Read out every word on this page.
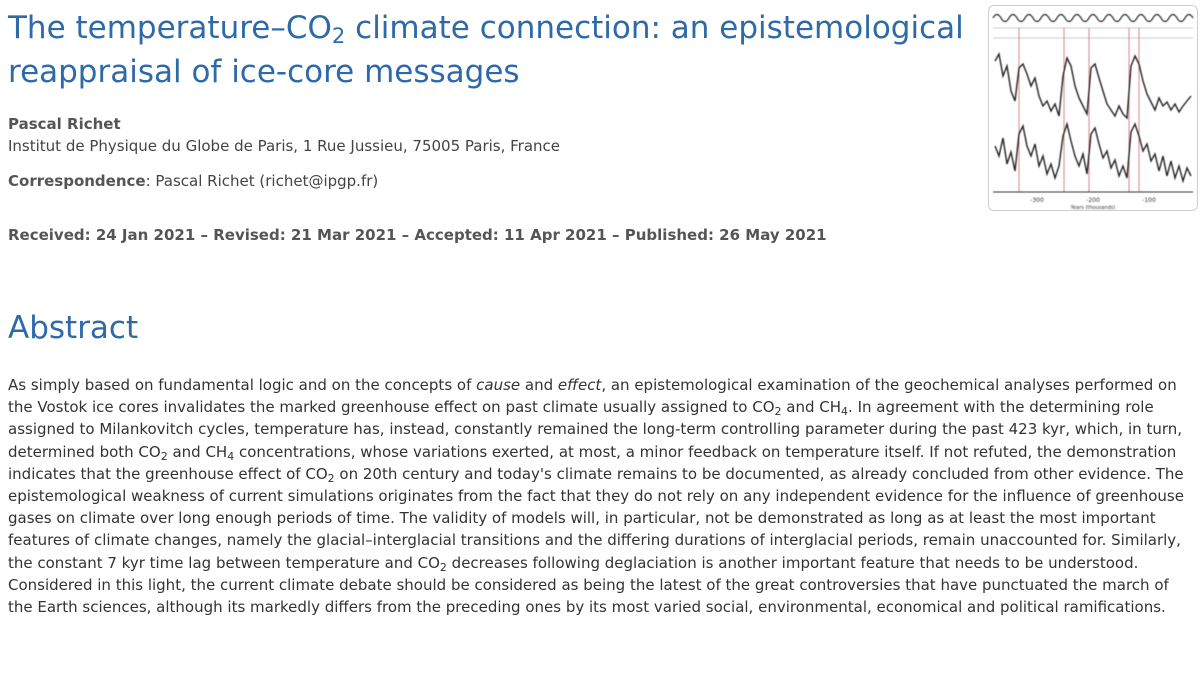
The temperature–$CO_2$ climate connection: an epistemological reappraisal of ice-core messages
Pascal Richet
Institut de Physique du Globe de Paris, 1 Rue Jussieu, 75005 Paris, France
Correspondence: Pascal Richet (richet@ipgp.fr)
Received: 24 Jan 2021 – Revised: 21 Mar 2021 – Accepted: 11 Apr 2021 – Published: 26 May 2021
-300	-200	-100
Years (thousands)
Abstract

As simply based on fundamental logic and on the concepts of cause and effect, an epistemological examination of the geochemical analyses performed on the Vostok ice cores invalidates the marked greenhouse effect on past climate usually assigned to $CO_2$ and $CH_4$. In agreement with the determining role assigned to Milankovitch cycles, temperature has, instead, constantly remained the long-term controlling parameter during the past 423 kyr, which, in turn, determined both $CO_2$ and $CH_4$ concentrations, whose variations exerted, at most, a minor feedback on temperature itself. If not refuted, the demonstration indicates that the greenhouse effect of $CO_2$ on 20th century and today's climate remains to be documented, as already concluded from other evidence. The epistemological weakness of current simulations originates from the fact that they do not rely on any independent evidence for the influence of greenhouse gases on climate over long enough periods of time. The validity of models will, in particular, not be demonstrated as long as at least the most important features of climate changes, namely the glacial–interglacial transitions and the differing durations of interglacial periods, remain unaccounted for. Similarly, the constant 7 kyr time lag between temperature and $CO_2$ decreases following deglaciation is another important feature that needs to be understood. Considered in this light, the current climate debate should be considered as being the latest of the great controversies that have punctuated the march of the Earth sciences, although its markedly differs from the preceding ones by its most varied social, environmental, economical and political ramifications.
